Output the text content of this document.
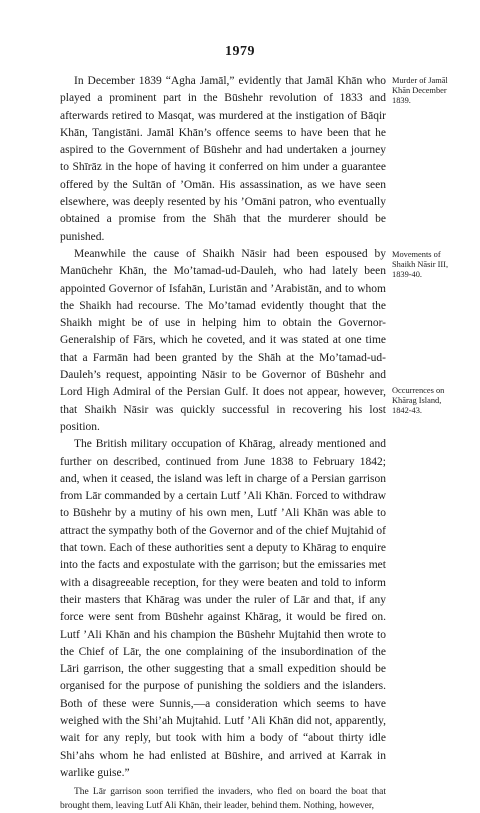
1979

In December 1839 “Agha Jamāl,” evidently that Jamāl Khān who played a prominent part in the Būshehr revolution of 1833 and afterwards retired to Masqat, was murdered at the instigation of Bāqir Khān, Tangistāni. Jamāl Khān’s offence seems to have been that he aspired to the Government of Būshehr and had undertaken a journey to Shīrāz in the hope of having it conferred on him under a guarantee offered by the Sultān of ’Omān. His assassination, as we have seen elsewhere, was deeply resented by his ’Omāni patron, who eventually obtained a promise from the Shāh that the murderer should be punished.

Meanwhile the cause of Shaikh Nāsir had been espoused by Manūchehr Khān, the Mo’tamad-ud-Dauleh, who had lately been appointed Governor of Isfahān, Luristān and ’Arabistān, and to whom the Shaikh had recourse. The Mo’tamad evidently thought that the Shaikh might be of use in helping him to obtain the Governor-Generalship of Fārs, which he coveted, and it was stated at one time that a Farmān had been granted by the Shāh at the Mo’tamad-ud-Dauleh’s request, appointing Nāsir to be Governor of Būshehr and Lord High Admiral of the Persian Gulf. It does not appear, however, that Shaikh Nāsir was quickly successful in recovering his lost position.

The British military occupation of Khārag, already mentioned and further on described, continued from June 1838 to February 1842; and, when it ceased, the island was left in charge of a Persian garrison from Lār commanded by a certain Lutf ’Ali Khān. Forced to withdraw to Būshehr by a mutiny of his own men, Lutf ’Ali Khān was able to attract the sympathy both of the Governor and of the chief Mujtahid of that town. Each of these authorities sent a deputy to Khārag to enquire into the facts and expostulate with the garrison; but the emissaries met with a disagreeable reception, for they were beaten and told to inform their masters that Khārag was under the ruler of Lār and that, if any force were sent from Būshehr against Khārag, it would be fired on. Lutf ’Ali Khān and his champion the Būshehr Mujtahid then wrote to the Chief of Lār, the one complaining of the insubordination of the Lāri garrison, the other suggesting that a small expedition should be organised for the purpose of punishing the soldiers and the islanders. Both of these were Sunnis,—a consideration which seems to have weighed with the Shi’ah Mujtahid. Lutf ’Ali Khān did not, apparently, wait for any reply, but took with him a body of “about thirty idle Shi’ahs whom he had enlisted at Būshire, and arrived at Karrak in warlike guise.”

The Lār garrison soon terrified the invaders, who fled on board the boat that brought them, leaving Lutf Ali Khān, their leader, behind them. Nothing, however,

Murder of Jamāl Khān December 1839.
Movements of Shaikh Nāsir III, 1839-40.
Occurrences on Khārag Island, 1842-43.
